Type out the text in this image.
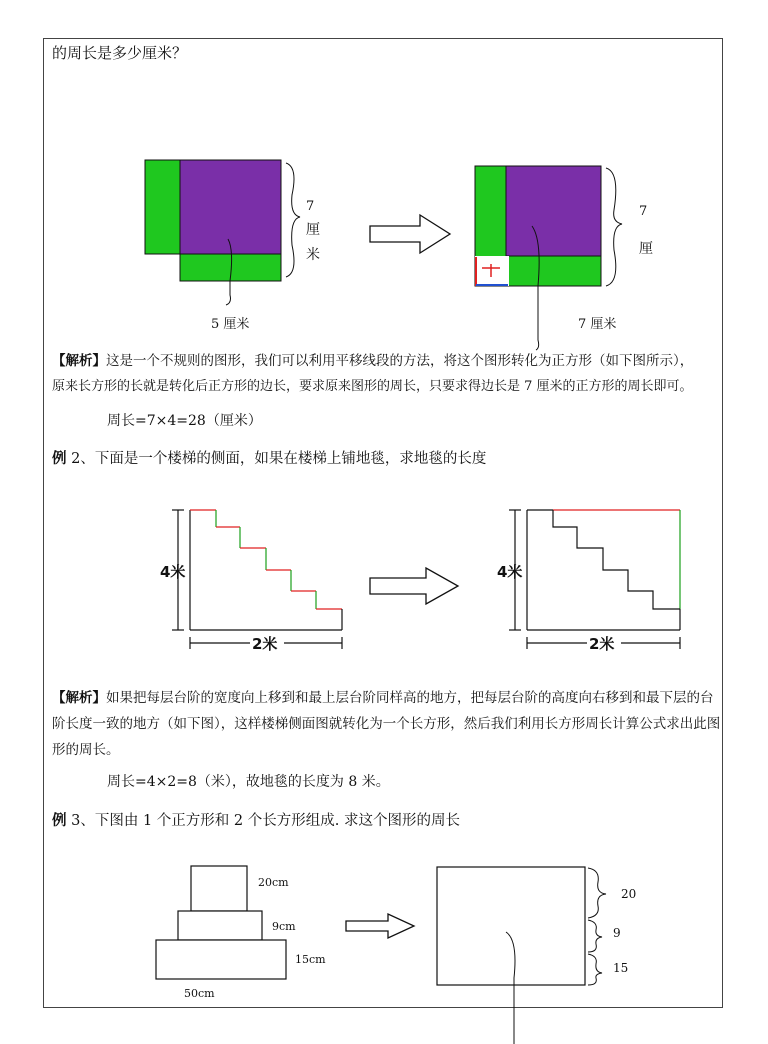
的周长是多少厘米？
7
厘
米
5 厘米
7
厘
7 厘米
【解析】这是一个不规则的图形，我们可以利用平移线段的方法，将这个图形转化为正方形（如下图所示），
原来长方形的长就是转化后正方形的边长，要求原来图形的周长，只要求得边长是 7 厘米的正方形的周长即可。
周长=7×4=28（厘米）
例 2、下面是一个楼梯的侧面，如果在楼梯上铺地毯，求地毯的长度
4米
2米
4米
2米
【解析】如果把每层台阶的宽度向上移到和最上层台阶同样高的地方，把每层台阶的高度向右移到和最下层的台阶长度一致的地方（如下图），这样楼梯侧面图就转化为一个长方形，然后我们利用长方形周长计算公式求出此图形的周长。
周长=4×2=8（米），故地毯的长度为 8 米。
例 3、下图由 1 个正方形和 2 个长方形组成. 求这个图形的周长
20cm
9cm
15cm
50cm
20
9
15
